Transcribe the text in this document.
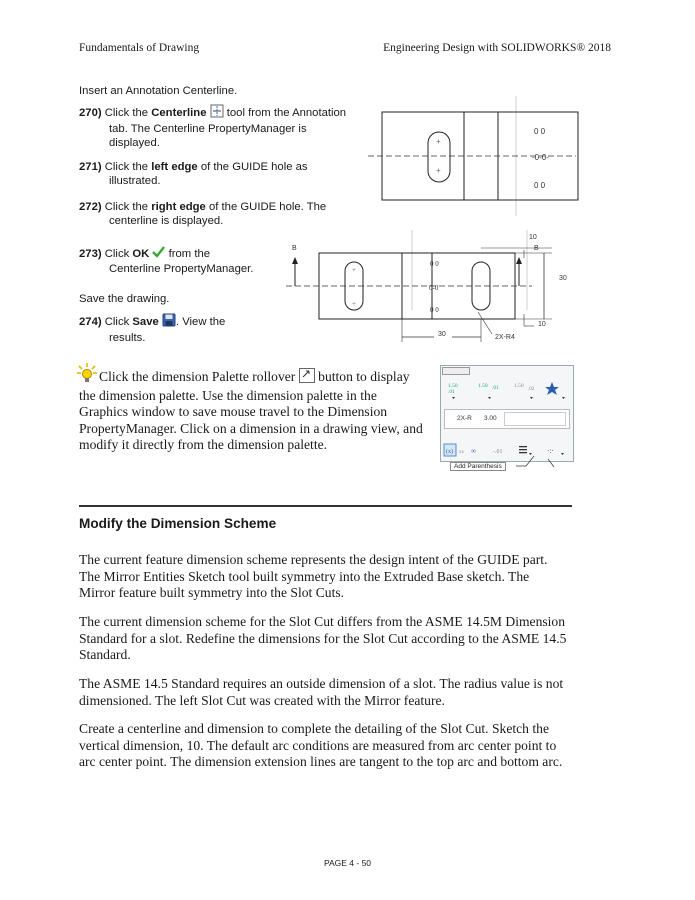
Fundamentals of Drawing	Engineering Design with SOLIDWORKS® 2018
Insert an Annotation Centerline.
270) Click the Centerline  tool from the Annotation
tab. The Centerline PropertyManager is
displayed.
271) Click the left edge of the GUIDE hole as
illustrated.
272) Click the right edge of the GUIDE hole. The
centerline is displayed.
273) Click OK  from the
Centerline PropertyManager.
Save the drawing.
274) Click Save . View the
results.
+
+
0 0
-0-0-
0 0
+
+
0 0
0-0
0 0
10
30
10
30	2X-R4
B	B
Click the dimension Palette rollover button to display
the dimension palette. Use the dimension palette in the
Graphics window to save mouse travel to the Dimension
PropertyManager. Click on a dimension in a drawing view, and
modify it directly from the dimension palette.
1.50
.01
1.50 .01	1.50
.02
2X-R 3.00
(x) xx ∞	-.01	·:·
Add Parenthesis
Modify the Dimension Scheme
The current feature dimension scheme represents the design intent of the GUIDE part.
The Mirror Entities Sketch tool built symmetry into the Extruded Base sketch. The
Mirror feature built symmetry into the Slot Cuts.
The current dimension scheme for the Slot Cut differs from the ASME 14.5M Dimension
Standard for a slot. Redefine the dimensions for the Slot Cut according to the ASME 14.5
Standard.
The ASME 14.5 Standard requires an outside dimension of a slot. The radius value is not
dimensioned. The left Slot Cut was created with the Mirror feature.
Create a centerline and dimension to complete the detailing of the Slot Cut. Sketch the
vertical dimension, 10. The default arc conditions are measured from arc center point to
arc center point. The dimension extension lines are tangent to the top arc and bottom arc.
PAGE 4 - 50
